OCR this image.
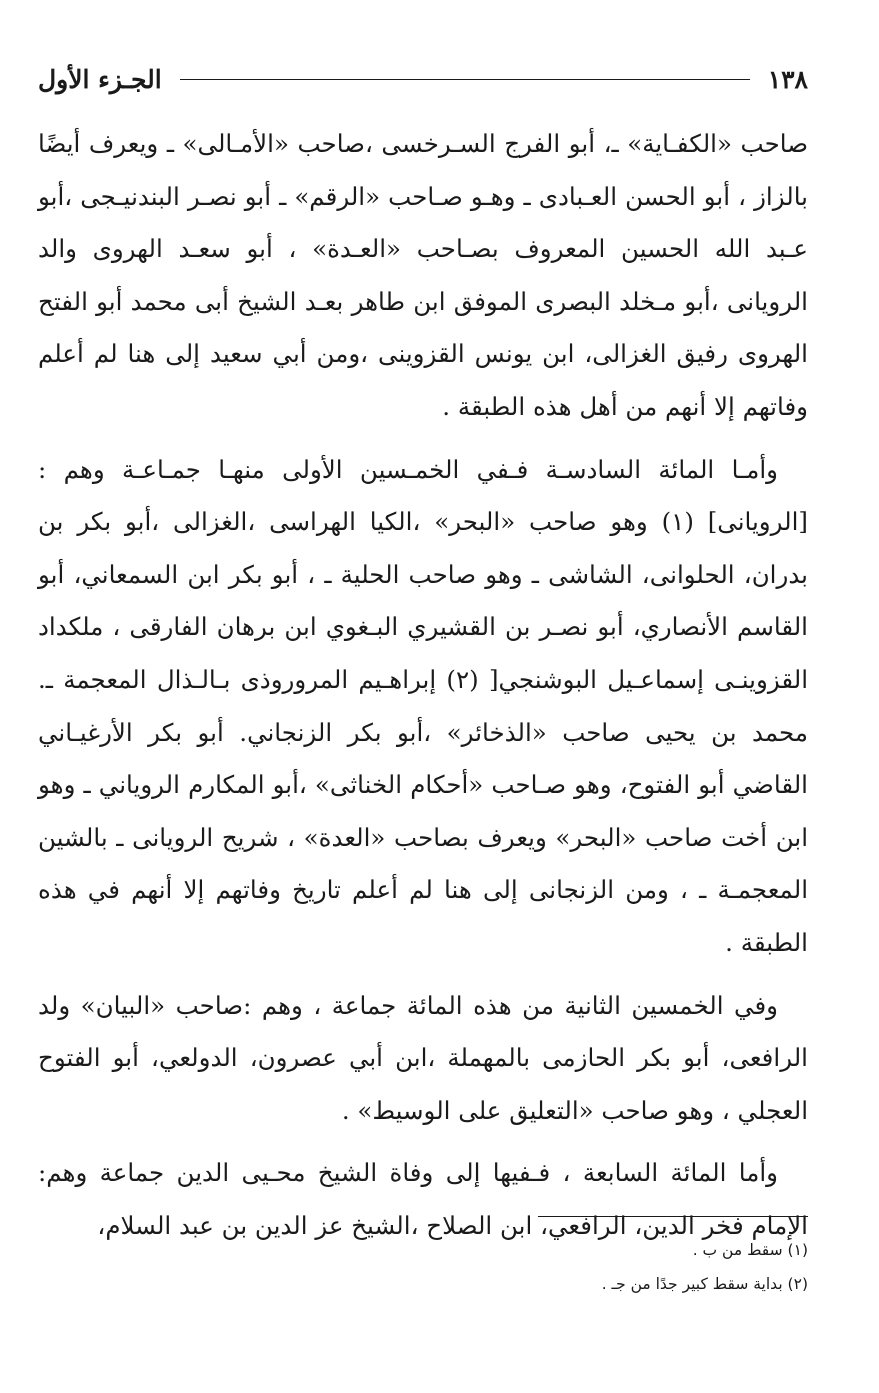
١٣٨
الجـزء الأول

صاحب «الكفـاية» ـ، أبو الفرج السـرخسى ،صاحب «الأمـالى» ـ ويعرف أيضًا بالزاز ، أبو الحسن العـبادى ـ وهـو صـاحب «الرقم» ـ أبو نصـر البندنيـجى ،أبو عـبد الله الحسين المعروف بصـاحب «العـدة» ، أبو سعـد الهروى والد الرويانى ،أبو مـخلد البصرى الموفق ابن طاهر بعـد الشيخ أبى محمد أبو الفتح الهروى رفيق الغزالى، ابن يونس القزوينى ،ومن أبي سعيد إلى هنا لم أعلم وفاتهم إلا أنهم من أهل هذه الطبقة .

وأمـا المائة السادسـة فـفي الخمـسين الأولى منهـا جمـاعـة وهم : [الرويانى] (١) وهو صاحب «البحر» ،الكيا الهراسى ،الغزالى ،أبو بكر بن بدران، الحلوانى، الشاشى ـ وهو صاحب الحلية ـ ، أبو بكر ابن السمعاني، أبو القاسم الأنصاري، أبو نصـر بن القشيري البـغوي ابن برهان الفارقى ، ملكداد القزوينـى إسماعـيل البوشنجي[ (٢) إبراهـيم المروروذى بـالـذال المعجمة ـ. محمد بن يحيى صاحب «الذخائر» ،أبو بكر الزنجاني. أبو بكر الأرغيـاني القاضي أبو الفتوح، وهو صـاحب «أحكام الخناثى» ،أبو المكارم الروياني ـ وهو ابن أخت صاحب «البحر» ويعرف بصاحب «العدة» ، شريح الرويانى ـ بالشين المعجمـة ـ ، ومن الزنجانى إلى هنا لم أعلم تاريخ وفاتهم إلا أنهم في هذه الطبقة .

وفي الخمسين الثانية من هذه المائة جماعة ، وهم :صاحب «البيان» ولد الرافعى، أبو بكر الحازمى بالمهملة ،ابن أبي عصرون، الدولعي، أبو الفتوح العجلي ، وهو صاحب «التعليق على الوسيط» .

وأما المائة السابعة ، فـفيها إلى وفاة الشيخ محـيى الدين جماعة وهم: الإمام فخر الدين، الرافعي، ابن الصلاح ،الشيخ عز الدين بن عبد السلام،

(١) سقط من ب .
(٢) بداية سقط كبير جدًا من جـ .
